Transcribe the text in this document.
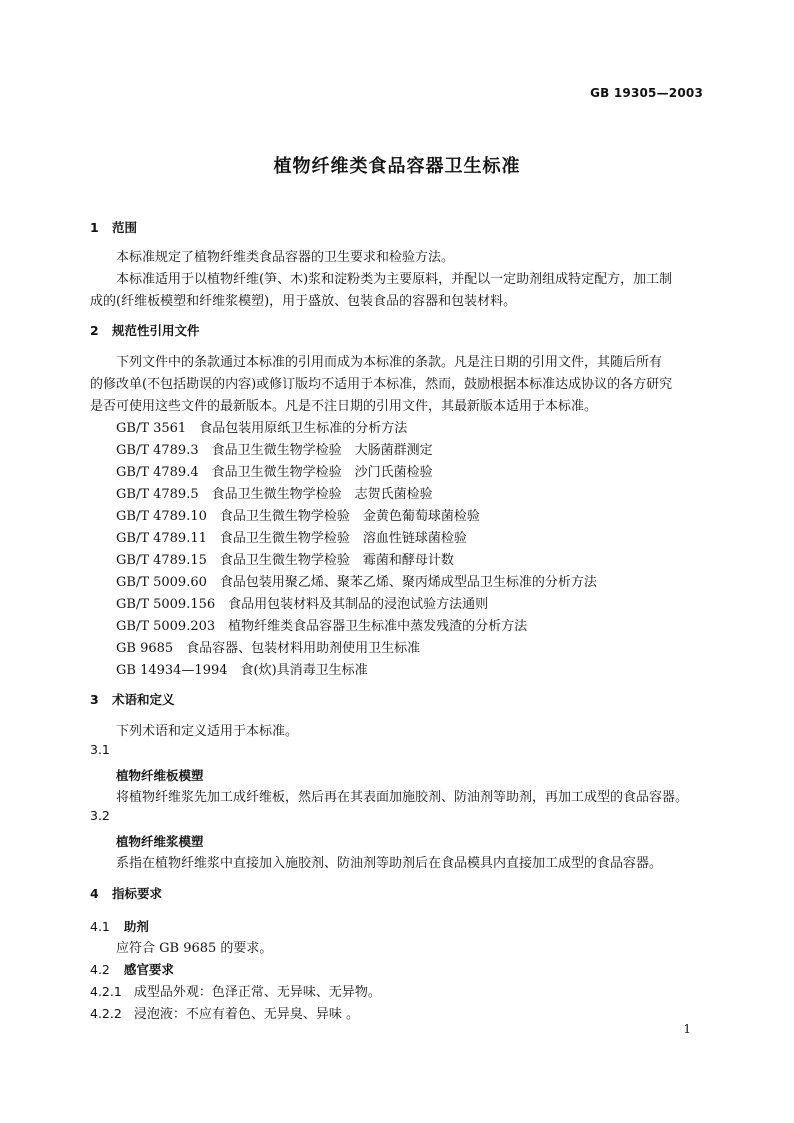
GB 19305—2003
植物纤维类食品容器卫生标准
1 范围
本标准规定了植物纤维类食品容器的卫生要求和检验方法。
本标准适用于以植物纤维(笋、木)浆和淀粉类为主要原料，并配以一定助剂组成特定配方，加工制
成的(纤维板模塑和纤维浆模塑)，用于盛放、包装食品的容器和包装材料。
2 规范性引用文件
下列文件中的条款通过本标准的引用而成为本标准的条款。凡是注日期的引用文件，其随后所有
的修改单(不包括勘误的内容)或修订版均不适用于本标准，然而，鼓励根据本标准达成协议的各方研究
是否可使用这些文件的最新版本。凡是不注日期的引用文件，其最新版本适用于本标准。
GB/T 3561　食品包装用原纸卫生标准的分析方法
GB/T 4789.3　食品卫生微生物学检验　大肠菌群测定
GB/T 4789.4　食品卫生微生物学检验　沙门氏菌检验
GB/T 4789.5　食品卫生微生物学检验　志贺氏菌检验
GB/T 4789.10　食品卫生微生物学检验　金黄色葡萄球菌检验
GB/T 4789.11　食品卫生微生物学检验　溶血性链球菌检验
GB/T 4789.15　食品卫生微生物学检验　霉菌和酵母计数
GB/T 5009.60　食品包装用聚乙烯、聚苯乙烯、聚丙烯成型品卫生标准的分析方法
GB/T 5009.156　食品用包装材料及其制品的浸泡试验方法通则
GB/T 5009.203　植物纤维类食品容器卫生标准中蒸发残渣的分析方法
GB 9685　食品容器、包装材料用助剂使用卫生标准
GB 14934—1994　食(炊)具消毒卫生标准
3 术语和定义
下列术语和定义适用于本标准。
3.1
植物纤维板模塑
将植物纤维浆先加工成纤维板，然后再在其表面加施胶剂、防油剂等助剂，再加工成型的食品容器。
3.2
植物纤维浆模塑
系指在植物纤维浆中直接加入施胶剂、防油剂等助剂后在食品模具内直接加工成型的食品容器。
4 指标要求
4.1 助剂
应符合 GB 9685 的要求。
4.2 感官要求
4.2.1 成型品外观：色泽正常、无异味、无异物。
4.2.2 浸泡液：不应有着色、无异臭、异味 。
1
